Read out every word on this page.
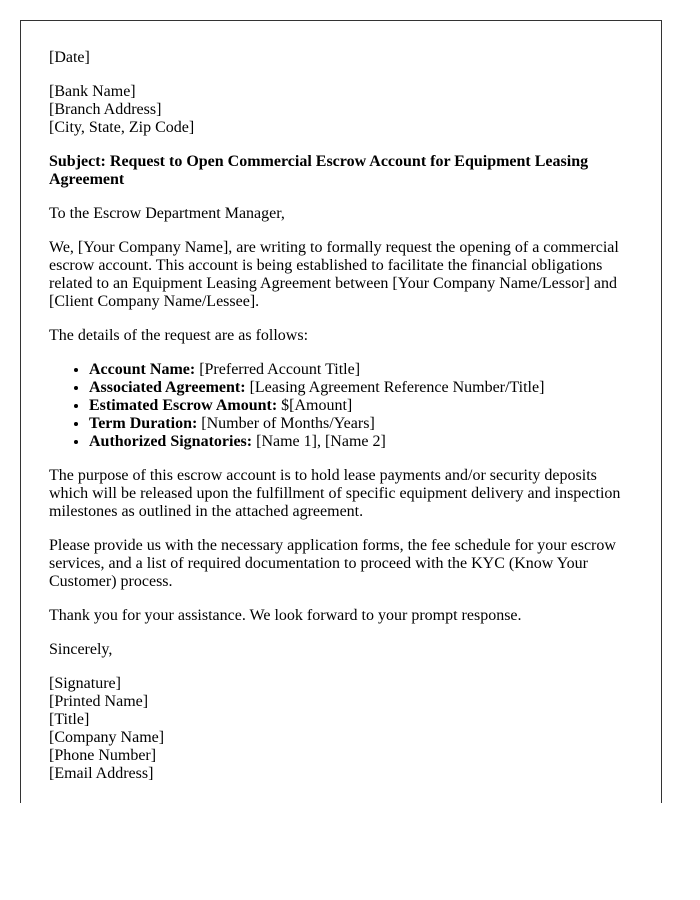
[Date]

[Bank Name]
[Branch Address]
[City, State, Zip Code]

Subject: Request to Open Commercial Escrow Account for Equipment Leasing Agreement

To the Escrow Department Manager,

We, [Your Company Name], are writing to formally request the opening of a commercial escrow account. This account is being established to facilitate the financial obligations related to an Equipment Leasing Agreement between [Your Company Name/Lessor] and [Client Company Name/Lessee].

The details of the request are as follows:

• Account Name: [Preferred Account Title]
• Associated Agreement: [Leasing Agreement Reference Number/Title]
• Estimated Escrow Amount: $[Amount]
• Term Duration: [Number of Months/Years]
• Authorized Signatories: [Name 1], [Name 2]

The purpose of this escrow account is to hold lease payments and/or security deposits which will be released upon the fulfillment of specific equipment delivery and inspection milestones as outlined in the attached agreement.

Please provide us with the necessary application forms, the fee schedule for your escrow services, and a list of required documentation to proceed with the KYC (Know Your Customer) process.

Thank you for your assistance. We look forward to your prompt response.

Sincerely,

[Signature]
[Printed Name]
[Title]
[Company Name]
[Phone Number]
[Email Address]
